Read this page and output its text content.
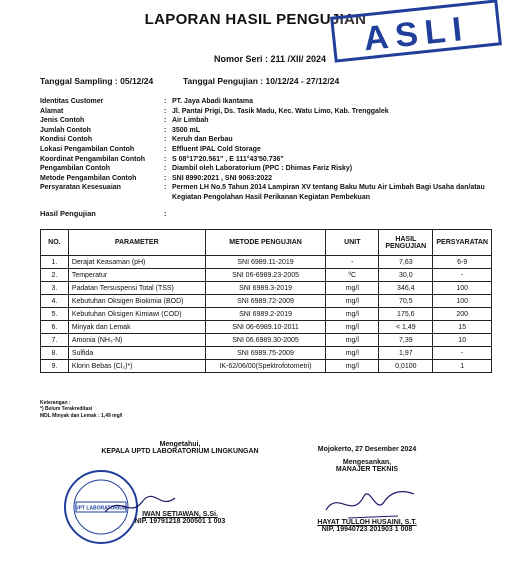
LAPORAN HASIL PENGUJIAN
ASLI
Nomor Seri : 211 /XII/ 2024
Tanggal Sampling : 05/12/24	Tanggal Pengujian : 10/12/24 - 27/12/24
Identitas Customer	: PT. Jaya Abadi Ikantama
Alamat	: Jl. Pantai Prigi, Ds. Tasik Madu, Kec. Watu Limo, Kab. Trenggalek
Jenis Contoh	: Air Limbah
Jumlah Contoh	: 3500 mL
Kondisi Contoh	: Keruh dan Berbau
Lokasi Pengambilan Contoh	: Effluent IPAL Cold Storage
Koordinat Pengambilan Contoh	: S 08°17'20.561" , E 111°43'50.736"
Pengambilan Contoh	: Diambil oleh Laboratorium (PPC : Dhimas Fariz Risky)
Metode Pengambilan Contoh	: SNI 8990:2021 , SNI 9063:2022
Persyaratan Kesesuaian	: Permen LH No.5 Tahun 2014 Lampiran XV tentang Baku Mutu Air Limbah Bagi Usaha dan/atau Kegiatan Pengolahan Hasil Perikanan Kegiatan Pembekuan
Hasil Pengujian	:
NO.	PARAMETER	METODE PENGUJIAN	UNIT	HASIL PENGUJIAN	PERSYARATAN
1.	Derajat Keasaman (pH)	SNI 6989.11-2019	-	7,63	6-9
2.	Temperatur	SNI 06-6989.23-2005	ºC	30,0	-
3.	Padatan Tersuspensi Total (TSS)	SNI 6989.3-2019	mg/l	346,4	100
4.	Kebutuhan Oksigen Biokimia (BOD)	SNI 6989.72-2009	mg/l	70,5	100
5.	Kebutuhan Oksigen Kimiawi (COD)	SNI 6989.2-2019	mg/l	175,6	200
6.	Minyak dan Lemak	SNI 06-6989.10-2011	mg/l	< 1,49	15
7.	Amonia (NH₃-N)	SNI 06.6989.30-2005	mg/l	7,39	10
8.	Sulfida	SNI 6989.75-2009	mg/l	1,97	-
9.	Klorin Bebas (Cl₂)*)	IK-62/06/00(Spektrofotometri)	mg/l	0,0100	1
Keterangan :
*) Belum Terakreditasi
MDL Minyak dan Lemak : 1,49 mg/l
UPT LABORATORIUM
Mengetahui,
KEPALA UPTD LABORATORIUM LINGKUNGAN
IWAN SETIAWAN, S.Si.
NIP. 19791218 200501 1 003
Mojokerto, 27 Desember 2024
Mengesankan,
MANAJER TEKNIS
HAYAT TULLOH HUSAINI, S.T.
NIP. 19940723 201903 1 008
